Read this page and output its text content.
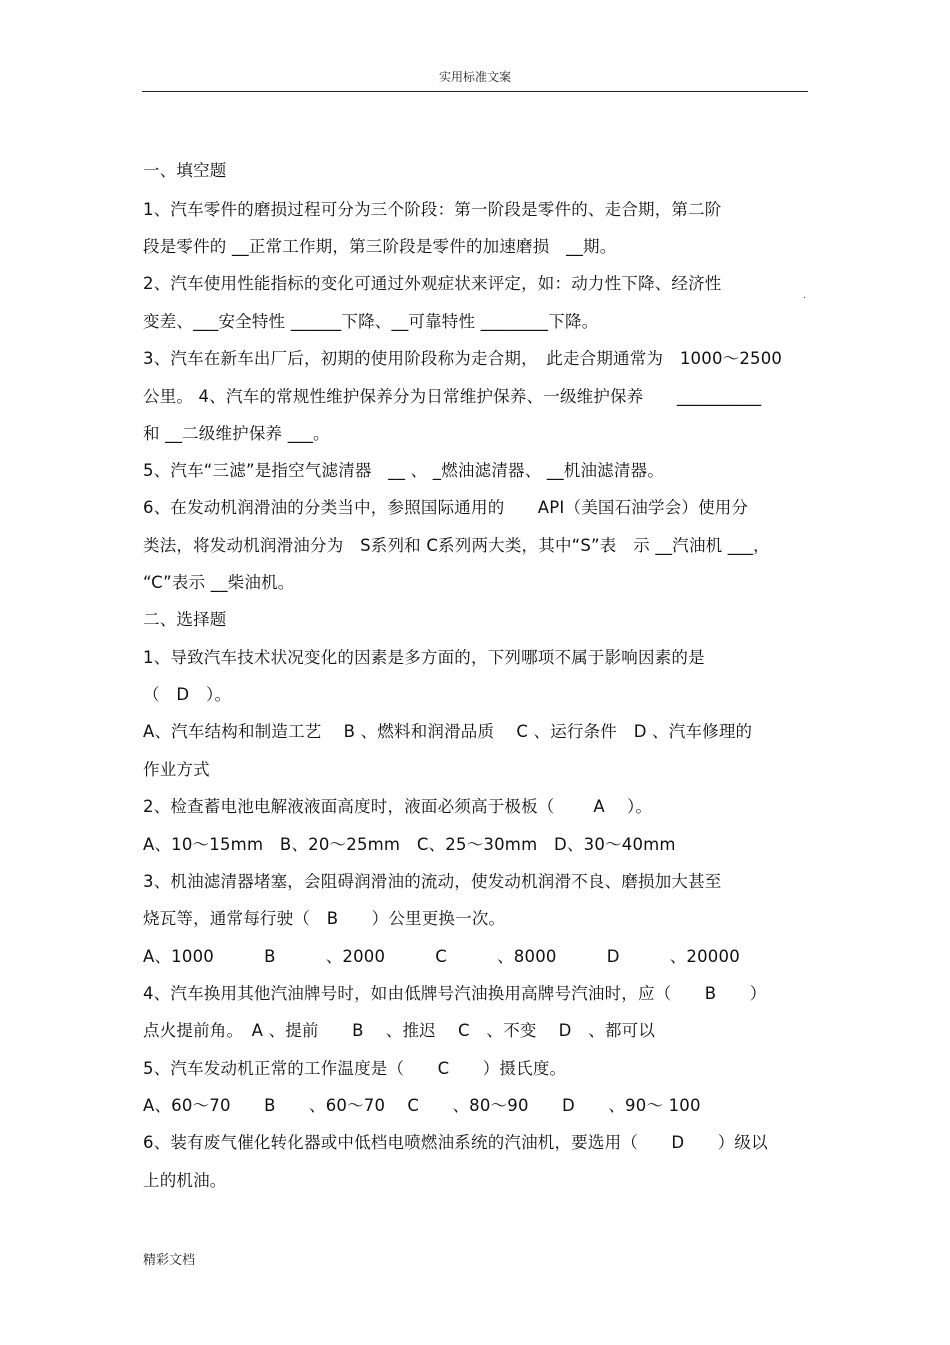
实用标准文案
.
一、填空题
1、汽车零件的磨损过程可分为三个阶段：第一阶段是零件的、走合期，第二阶
段是零件的 __正常工作期，第三阶段是零件的加速磨损　__期。
2、汽车使用性能指标的变化可通过外观症状来评定，如：动力性下降、经济性
变差、___安全特性 ______下降、__可靠特性 ________下降。
3、汽车在新车出厂后，初期的使用阶段称为走合期，　此走合期通常为　1000～2500
公里。 4、汽车的常规性维护保养分为日常维护保养、一级维护保养　　__________
和 __二级维护保养 ___。
5、汽车“三滤”是指空气滤清器　__ 、 _燃油滤清器、 __机油滤清器。
6、在发动机润滑油的分类当中，参照国际通用的　　API（美国石油学会）使用分
类法，将发动机润滑油分为　S系列和 C系列两大类，其中“S”表　示 __汽油机 ___，
“C”表示 __柴油机。
二、选择题
1、导致汽车技术状况变化的因素是多方面的，下列哪项不属于影响因素的是
（　D　）。
A、汽车结构和制造工艺　 B 、燃料和润滑品质　 C 、运行条件　D 、汽车修理的
作业方式
2、检查蓄电池电解液液面高度时，液面必须高于极板（　　 A　 ）。
A、10～15mm　B、20～25mm　C、25～30mm　D、30～40mm
3、机油滤清器堵塞，会阻碍润滑油的流动，使发动机润滑不良、磨损加大甚至
烧瓦等，通常每行驶（　B　　）公里更换一次。
A、1000　　　B　　　、2000　　　C　　　、8000　　　D　　　、20000
4、汽车换用其他汽油牌号时，如由低牌号汽油换用高牌号汽油时，应（　　B　　）
点火提前角。　A 、提前　　B　 、推迟　 C　、不变　 D　、都可以
5、汽车发动机正常的工作温度是（　　C　　）摄氏度。
A、60～70　　B　　、60～70　 C　　、80～90　　D　　、90～ 100
6、装有废气催化转化器或中低档电喷燃油系统的汽油机，要选用（　　D　　）级以
上的机油。
精彩文档
